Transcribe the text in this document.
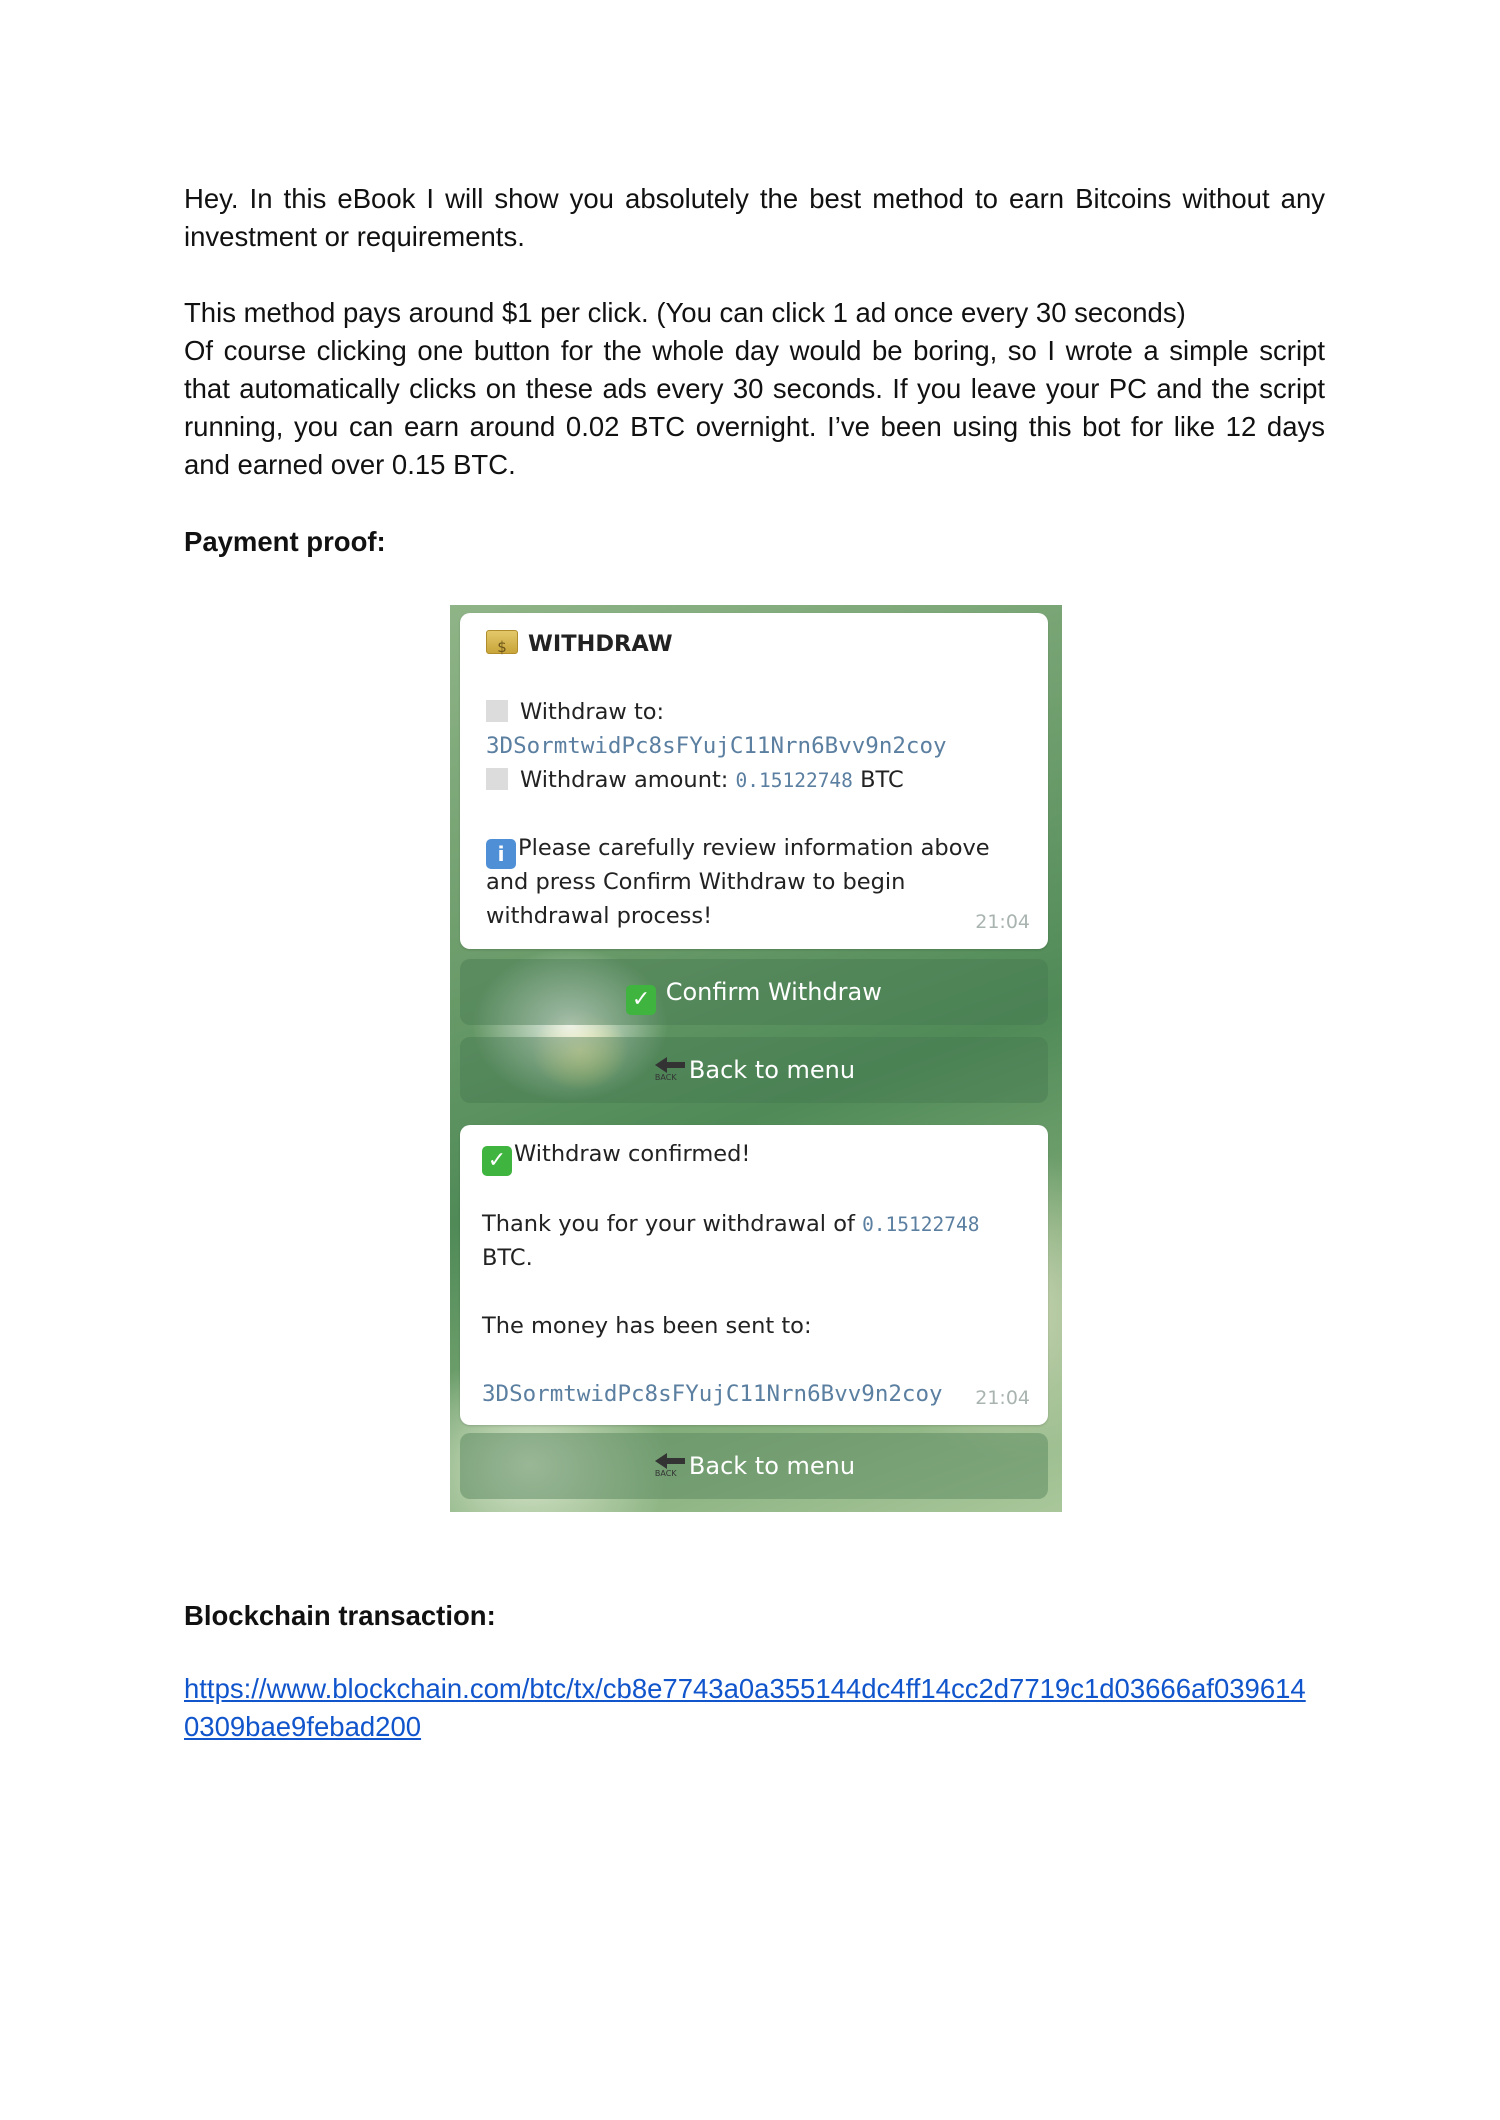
Hey. In this eBook I will show you absolutely the best method to earn Bitcoins without any
investment or requirements.

This method pays around $1 per click. (You can click 1 ad once every 30 seconds)
Of course clicking one button for the whole day would be boring, so I wrote a simple script
that automatically clicks on these ads every 30 seconds. If you leave your PC and the script
running, you can earn around 0.02 BTC overnight. I’ve been using this bot for like 12 days
and earned over 0.15 BTC.

Payment proof:

$WITHDRAW
Withdraw to:
3DSormtwidPc8sFYujC11Nrn6Bvv9n2coy
Withdraw amount: 0.15122748 BTC
i Please carefully review information above
and press Confirm Withdraw to begin
withdrawal process!	21:04
✓ Confirm Withdraw
BACK Back to menu
✓ Withdraw confirmed!
Thank you for your withdrawal of 0.15122748
BTC.
The money has been sent to:
3DSormtwidPc8sFYujC11Nrn6Bvv9n2coy 21:04
BACK Back to menu

Blockchain transaction:

https://www.blockchain.com/btc/tx/cb8e7743a0a355144dc4ff14cc2d7719c1d03666af039614
0309bae9febad200
